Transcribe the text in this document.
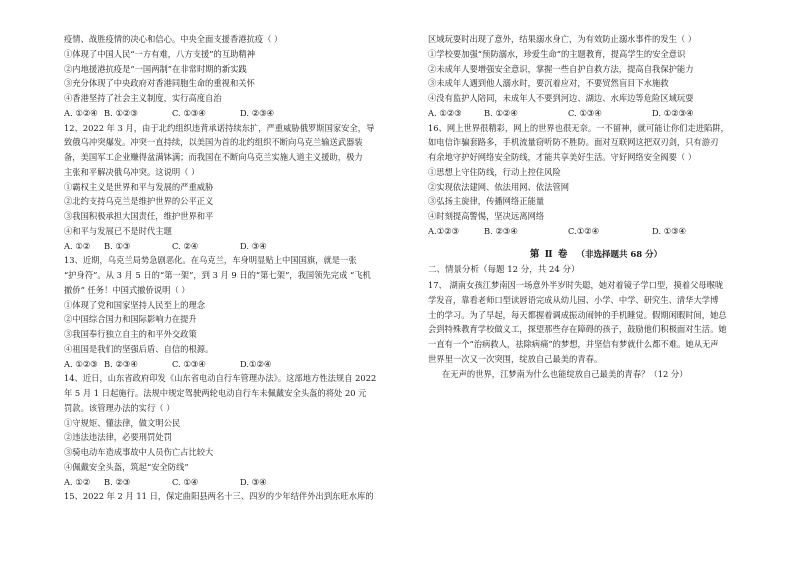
疫情、战胜疫情的决心和信心。中央全面支援香港抗疫（ ）
①体现了中国人民“一方有难，八方支援”的互助精神
②内地援港抗疫是“一国两制”在非常时期的新实践
③充分体现了中央政府对香港同胞生命的重视和关怀
④香港坚持了社会主义制度，实行高度自治
A. ①②④ B. ①②③	C. ①③④	D. ②③④
12、2022 年 3 月，由于北约组织违背承诺持续东扩，严重威胁俄罗斯国家安全，导
致俄乌冲突爆发。冲突一直持续，以美国为首的北约组织不断向乌克兰输送武器装
备，美国军工企业赚得盆满钵满；而我国在不断向乌克兰实施人道主义援助，极力
主张和平解决俄乌冲突。这说明（ ）
①霸权主义是世界和平与发展的严重威胁
②北约支持乌克兰是维护世界的公平正义
③我国积极承担大国责任，维护世界和平
④和平与发展已不是时代主题
A. ①②	B. ①③	C. ②④	D. ③④
13、近期，乌克兰局势急剧恶化。在乌克兰，车身明显贴上中国国旗，就是一张
“护身符”。从 3 月 5 日的“第一架”，到 3 月 9 日的“第七架”，我国领先完成 “飞机
撤侨” 任务！中国式撤侨说明（ ）
①体现了党和国家坚持人民至上的理念
②中国综合国力和国际影响力在提升
③我国奉行独立自主的和平外交政策
④祖国是我们的坚强后盾、自信的根源。
A. ①②③ B. ②③④	C. ①③④	D.①②④
14、近日，山东省政府印发《山东省电动自行车管理办法》。这部地方性法规自 2022
年 5 月 1 日起施行。法规中规定驾驶两轮电动自行车未佩戴安全头盔的将处 20 元
罚款。该管理办法的实行（ ）
①守规矩、懂法律，做文明公民
②违法违法律，必要刑罚处罚
③骑电动车造成事故中人员伤亡占比较大
④佩戴安全头盔，筑起“安全防线”
A. ①②	B. ②③	C. ①④	D. ③④
15、2022 年 2 月 11 日，保定曲阳县两名十三、四岁的少年结伴外出到东旺水库的
区域玩耍时出现了意外，结果溺水身亡，为有效防止溺水事件的发生（ ）
①学校要加强“预防溺水，珍爱生命”的主题教育，提高学生的安全意识
②未成年人要增强安全意识，掌握一些自护自救方法，提高自我保护能力
③未成年人遇到他人溺水时，要沉着应对，不要贸然盲目下水施救
④没有监护人陪同，未成年人不要到河边、湖边、水库边等危险区域玩耍
A. ①②③	B. ①②④	C. ①③④	D. ①②③④
16、网上世界很精彩，网上的世界也很无奈。一不留神，就可能让你们走进陷阱，
如电信诈骗套路多，手机流量窃听防不胜防。面对互联网这把双刃剑，只有游刃
有余地守护好网络安全防线，才能共享美好生活。守好网络安全阀要（ ）
①思想上守住防线，行动上控住风险
②实现依法建网、依法用网、依法管网
③弘扬主旋律，传播网络正能量
④时刻提高警惕，坚决远离网络
A.①②③	B. ②③④	C.①②④	D. ①③④
第 Ⅱ 卷 （非选择题共 68 分）
二、情景分析（每题 12 分，共 24 分）
17、 湖南女孩江梦南因一场意外半岁时失聪，她对着镜子学口型，摸着父母喉咙
学发音，靠看老师口型读唇语完成从幼儿园、小学、中学、研究生、清华大学博
士的学习。为了早起，每天都握着调成振动闹钟的手机睡觉。假期闲暇时间，她总
会到特殊教育学校做义工，探望那些存在障碍的孩子，鼓励他们积极面对生活。她
一直有一个“治病救人，祛除病痛”的梦想，并坚信有梦就什么都不难。她从无声
世界里一次又一次突围，绽放自己最美的青春。
在无声的世界，江梦南为什么也能绽放自己最美的青春？（12 分）
